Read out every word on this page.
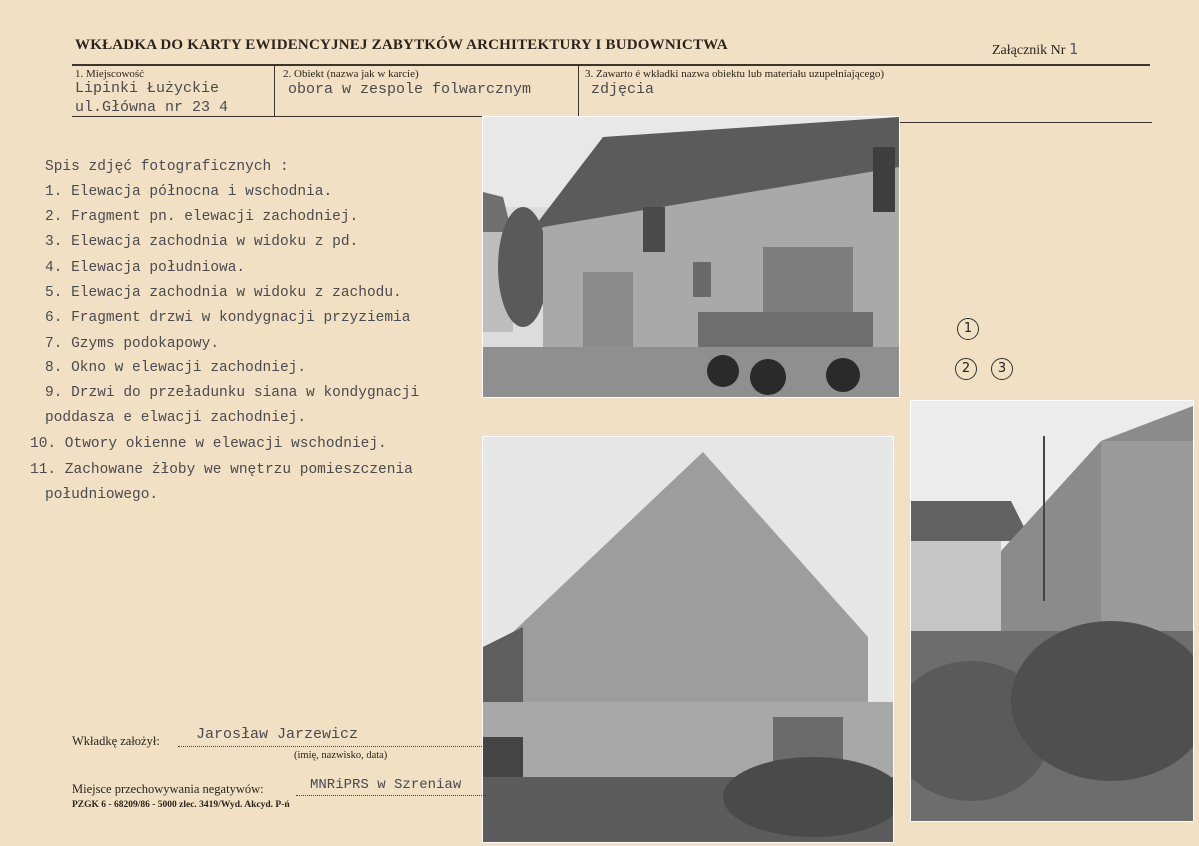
WKŁADKA DO KARTY EWIDENCYJNEJ ZABYTKÓW ARCHITEKTURY I BUDOWNICTWA	Załącznik Nr 1
1. Miejscowość
Lipinki Łużyckie
ul.Główna nr 23 4
2. Obiekt (nazwa jak w karcie)
obora w zespole folwarcznym
3. Zawarto é wkładki nazwa obiektu lub materiału uzupełniającego)
zdjęcia
Spis zdjęć fotograficznych :
1. Elewacja północna i wschodnia.
2. Fragment pn. elewacji zachodniej.
3. Elewacja zachodnia w widoku z pd.
4. Elewacja południowa.
5. Elewacja zachodnia w widoku z zachodu.
6. Fragment drzwi w kondygnacji przyziemia
7. Gzyms podokapowy.
8. Okno w elewacji zachodniej.
9. Drzwi do przeładunku siana w kondygnacji
poddasza e elwacji zachodniej.
10. Otwory okienne w elewacji wschodniej.
11. Zachowane żłoby we wnętrzu pomieszczenia
południowego.
1
2	3
Wkładkę założył: Jarosław Jarzewicz
(imię, nazwisko, data)
Miejsce przechowywania negatywów:	MNRiPRS w Szreniaw
PZGK 6 - 68209/86 - 5000 zlec. 3419/Wyd. Akcyd. P-ń
